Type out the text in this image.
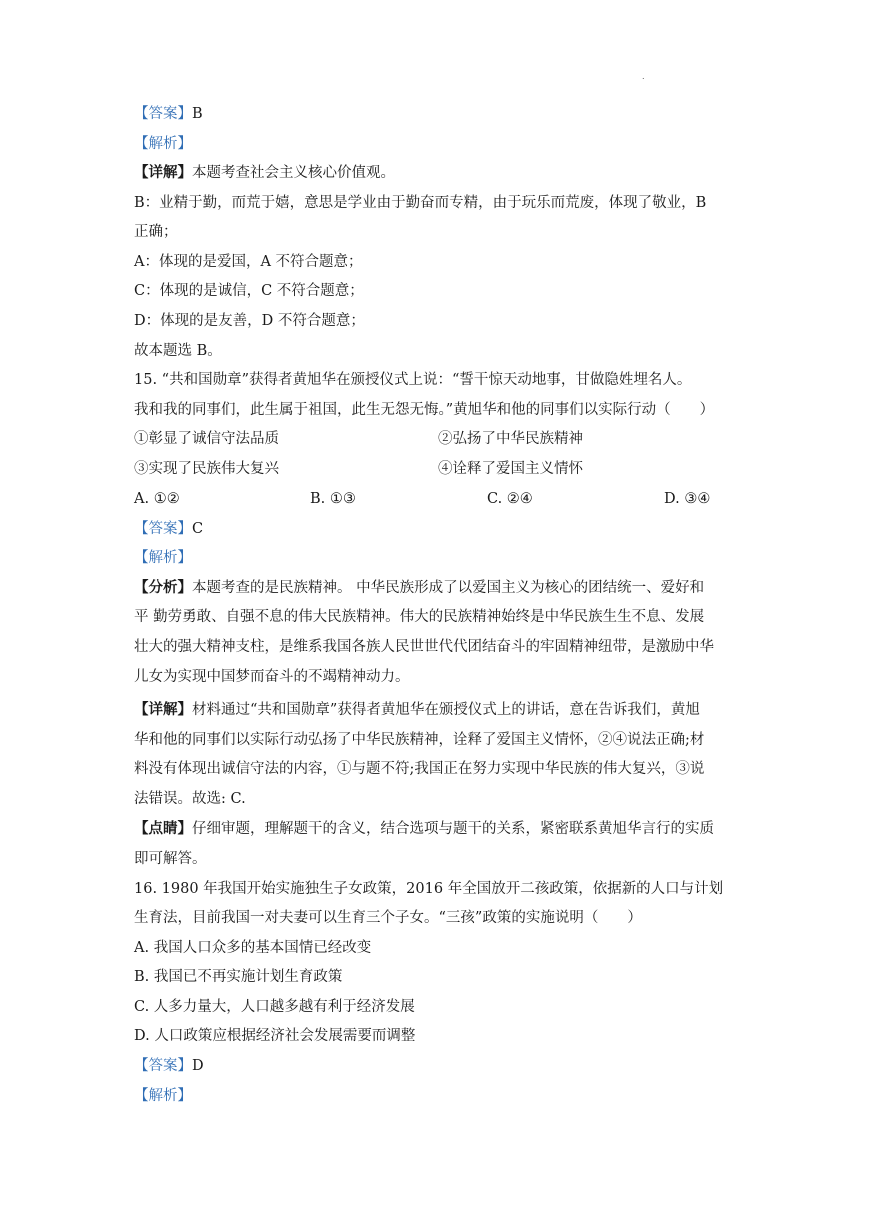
.
【答案】B
【解析】
【详解】本题考查社会主义核心价值观。
B：业精于勤，而荒于嬉，意思是学业由于勤奋而专精，由于玩乐而荒废，体现了敬业，B
正确；
A：体现的是爱国，A 不符合题意；
C：体现的是诚信，C 不符合题意；
D：体现的是友善，D 不符合题意；
故本题选 B。
15. “共和国勋章”获得者黄旭华在颁授仪式上说：“誓干惊天动地事，甘做隐姓埋名人。
我和我的同事们，此生属于祖国，此生无怨无悔。”黄旭华和他的同事们以实际行动（　　）
①彰显了诚信守法品质	②弘扬了中华民族精神
③实现了民族伟大复兴	④诠释了爱国主义情怀
A. ①②	B. ①③	C. ②④	D. ③④
【答案】C
【解析】
【分析】本题考查的是民族精神。 中华民族形成了以爱国主义为核心的团结统一、爱好和
平 勤劳勇敢、自强不息的伟大民族精神。伟大的民族精神始终是中华民族生生不息、发展
壮大的强大精神支柱，是维系我国各族人民世世代代团结奋斗的牢固精神纽带，是激励中华
儿女为实现中国梦而奋斗的不竭精神动力。
【详解】材料通过“共和国勋章”获得者黄旭华在颁授仪式上的讲话，意在告诉我们，黄旭
华和他的同事们以实际行动弘扬了中华民族精神，诠释了爱国主义情怀，②④说法正确;材
料没有体现出诚信守法的内容，①与题不符;我国正在努力实现中华民族的伟大复兴，③说
法错误。故选: C.
【点睛】仔细审题，理解题干的含义，结合选项与题干的关系，紧密联系黄旭华言行的实质
即可解答。
16. 1980 年我国开始实施独生子女政策，2016 年全国放开二孩政策，依据新的人口与计划
生育法，目前我国一对夫妻可以生育三个子女。“三孩”政策的实施说明（　　）
A. 我国人口众多的基本国情已经改变
B. 我国已不再实施计划生育政策
C. 人多力量大，人口越多越有利于经济发展
D. 人口政策应根据经济社会发展需要而调整
【答案】D
【解析】
